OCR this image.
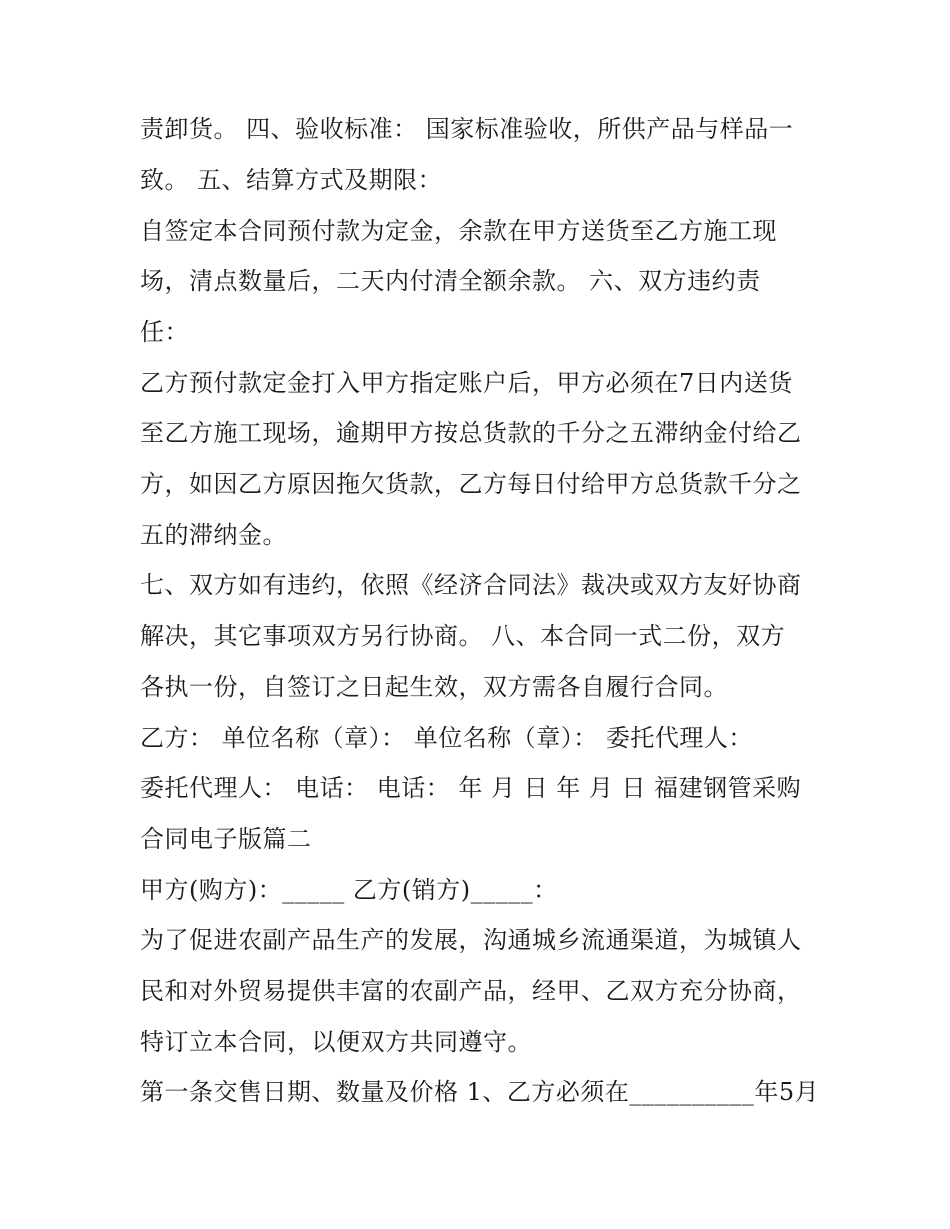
责卸货。 四、验收标准： 国家标准验收，所供产品与样品一
致。 五、结算方式及期限：
自签定本合同预付款为定金，余款在甲方送货至乙方施工现
场，清点数量后，二天内付清全额余款。 六、双方违约责
任：
乙方预付款定金打入甲方指定账户后，甲方必须在7日内送货
至乙方施工现场，逾期甲方按总货款的千分之五滞纳金付给乙
方，如因乙方原因拖欠货款，乙方每日付给甲方总货款千分之
五的滞纳金。
七、双方如有违约，依照《经济合同法》裁决或双方友好协商
解决，其它事项双方另行协商。 八、本合同一式二份，双方
各执一份，自签订之日起生效，双方需各自履行合同。
乙方： 单位名称（章）： 单位名称（章）： 委托代理人：
委托代理人： 电话： 电话： 年 月 日 年 月 日 福建钢管采购
合同电子版篇二
甲方(购方)：_____ 乙方(销方)_____：
为了促进农副产品生产的发展，沟通城乡流通渠道，为城镇人
民和对外贸易提供丰富的农副产品，经甲、乙双方充分协商，
特订立本合同，以便双方共同遵守。
第一条交售日期、数量及价格 1、乙方必须在__________年5月
